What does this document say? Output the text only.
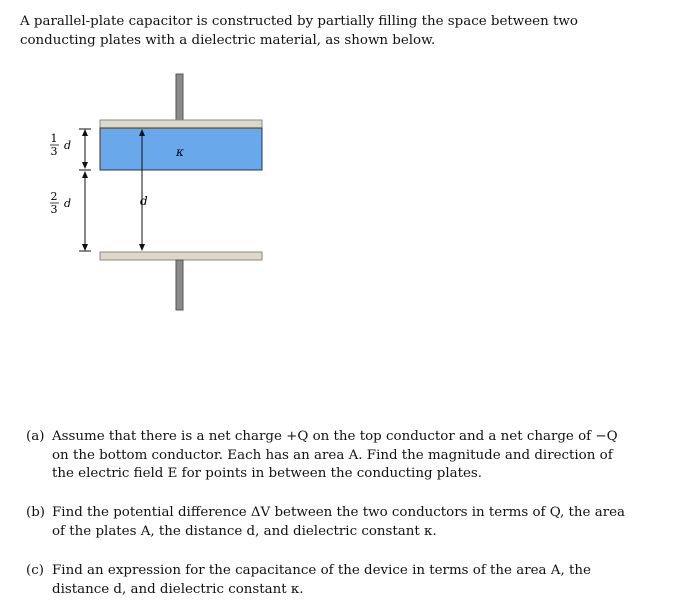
A parallel-plate capacitor is constructed by partially filling the space between two conducting plates with a dielectric material, as shown below.

d
κ
1
3 d
2
3 d
(a) Assume that there is a net charge +Q on the top conductor and a net charge of −Q on the bottom conductor. Each has an area A. Find the magnitude and direction of the electric field E for points in between the conducting plates.
(b) Find the potential difference ΔV between the two conductors in terms of Q, the area of the plates A, the distance d, and dielectric constant κ.
(c) Find an expression for the capacitance of the device in terms of the area A, the distance d, and dielectric constant κ.
